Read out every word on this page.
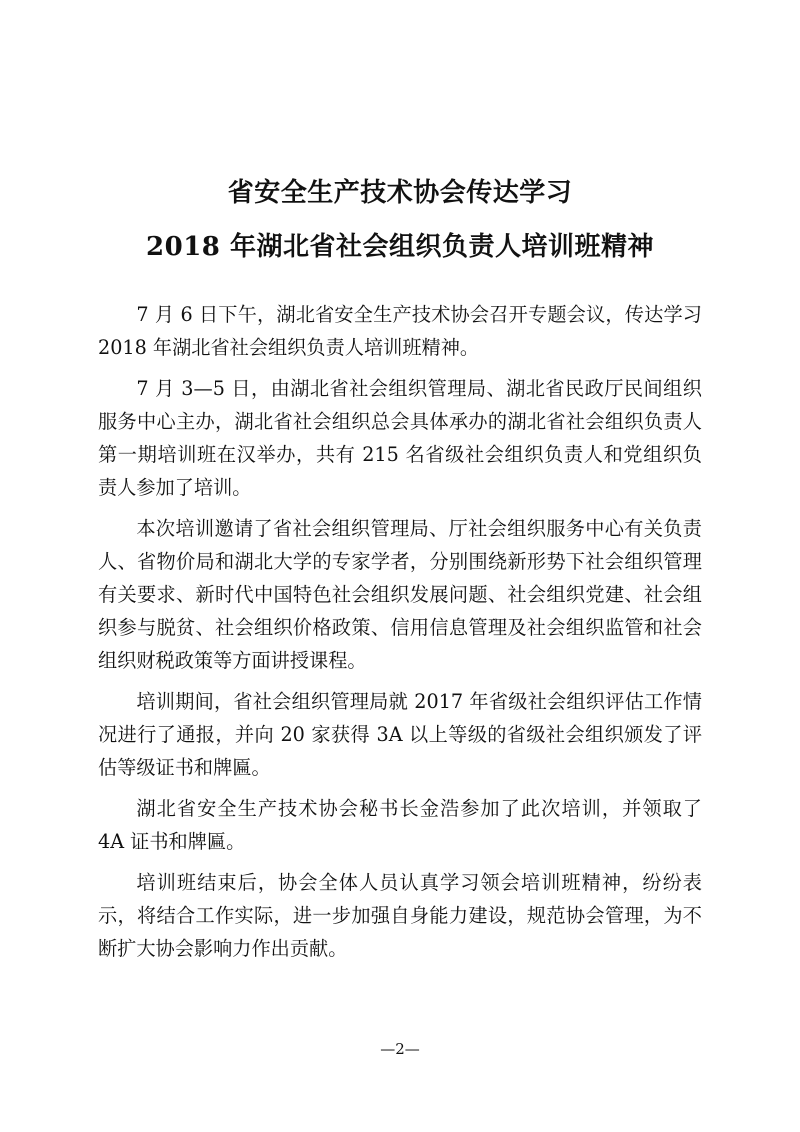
省安全生产技术协会传达学习
2018 年湖北省社会组织负责人培训班精神

7 月 6 日下午，湖北省安全生产技术协会召开专题会议，传达学习 2018 年湖北省社会组织负责人培训班精神。

7 月 3—5 日，由湖北省社会组织管理局、湖北省民政厅民间组织服务中心主办，湖北省社会组织总会具体承办的湖北省社会组织负责人第一期培训班在汉举办，共有 215 名省级社会组织负责人和党组织负责人参加了培训。

本次培训邀请了省社会组织管理局、厅社会组织服务中心有关负责人、省物价局和湖北大学的专家学者，分别围绕新形势下社会组织管理有关要求、新时代中国特色社会组织发展问题、社会组织党建、社会组织参与脱贫、社会组织价格政策、信用信息管理及社会组织监管和社会组织财税政策等方面讲授课程。

培训期间，省社会组织管理局就 2017 年省级社会组织评估工作情况进行了通报，并向 20 家获得 3A 以上等级的省级社会组织颁发了评估等级证书和牌匾。

湖北省安全生产技术协会秘书长金浩参加了此次培训，并领取了 4A 证书和牌匾。

培训班结束后，协会全体人员认真学习领会培训班精神，纷纷表示，将结合工作实际，进一步加强自身能力建设，规范协会管理，为不断扩大协会影响力作出贡献。

—2—
